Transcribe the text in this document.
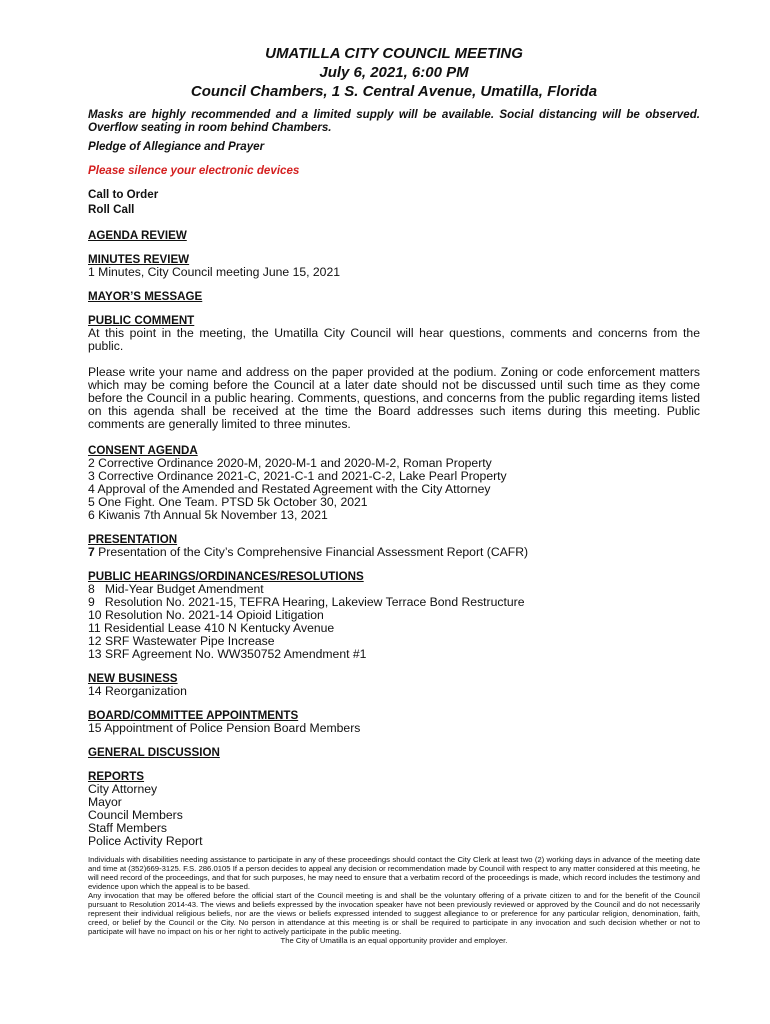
UMATILLA CITY COUNCIL MEETING
July 6, 2021, 6:00 PM
Council Chambers, 1 S. Central Avenue, Umatilla, Florida

Masks are highly recommended and a limited supply will be available. Social distancing will be observed. Overflow seating in room behind Chambers.

Pledge of Allegiance and Prayer

Please silence your electronic devices

Call to Order
Roll Call
AGENDA REVIEW
MINUTES REVIEW
1 Minutes, City Council meeting June 15, 2021
MAYOR’S MESSAGE
PUBLIC COMMENT

At this point in the meeting, the Umatilla City Council will hear questions, comments and concerns from the public.

Please write your name and address on the paper provided at the podium. Zoning or code enforcement matters which may be coming before the Council at a later date should not be discussed until such time as they come before the Council in a public hearing. Comments, questions, and concerns from the public regarding items listed on this agenda shall be received at the time the Board addresses such items during this meeting. Public comments are generally limited to three minutes.

CONSENT AGENDA
2 Corrective Ordinance 2020-M, 2020-M-1 and 2020-M-2, Roman Property
3 Corrective Ordinance 2021-C, 2021-C-1 and 2021-C-2, Lake Pearl Property
4 Approval of the Amended and Restated Agreement with the City Attorney
5 One Fight. One Team. PTSD 5k October 30, 2021
6 Kiwanis 7th Annual 5k November 13, 2021
PRESENTATION
7 Presentation of the City’s Comprehensive Financial Assessment Report (CAFR)
PUBLIC HEARINGS/ORDINANCES/RESOLUTIONS
8   Mid-Year Budget Amendment
9   Resolution No. 2021-15, TEFRA Hearing, Lakeview Terrace Bond Restructure
10 Resolution No. 2021-14 Opioid Litigation
11 Residential Lease 410 N Kentucky Avenue
12 SRF Wastewater Pipe Increase
13 SRF Agreement No. WW350752 Amendment #1
NEW BUSINESS
14 Reorganization
BOARD/COMMITTEE APPOINTMENTS
15 Appointment of Police Pension Board Members
GENERAL DISCUSSION
REPORTS
City Attorney
Mayor
Council Members
Staff Members
Police Activity Report

Individuals with disabilities needing assistance to participate in any of these proceedings should contact the City Clerk at least two (2) working days in advance of the meeting date and time at (352)669-3125. F.S. 286.0105 If a person decides to appeal any decision or recommendation made by Council with respect to any matter considered at this meeting, he will need record of the proceedings, and that for such purposes, he may need to ensure that a verbatim record of the proceedings is made, which record includes the testimony and evidence upon which the appeal is to be based.

Any invocation that may be offered before the official start of the Council meeting is and shall be the voluntary offering of a private citizen to and for the benefit of the Council pursuant to Resolution 2014-43. The views and beliefs expressed by the invocation speaker have not been previously reviewed or approved by the Council and do not necessarily represent their individual religious beliefs, nor are the views or beliefs expressed intended to suggest allegiance to or preference for any particular religion, denomination, faith, creed, or belief by the Council or the City. No person in attendance at this meeting is or shall be required to participate in any invocation and such decision whether or not to participate will have no impact on his or her right to actively participate in the public meeting.

The City of Umatilla is an equal opportunity provider and employer.
